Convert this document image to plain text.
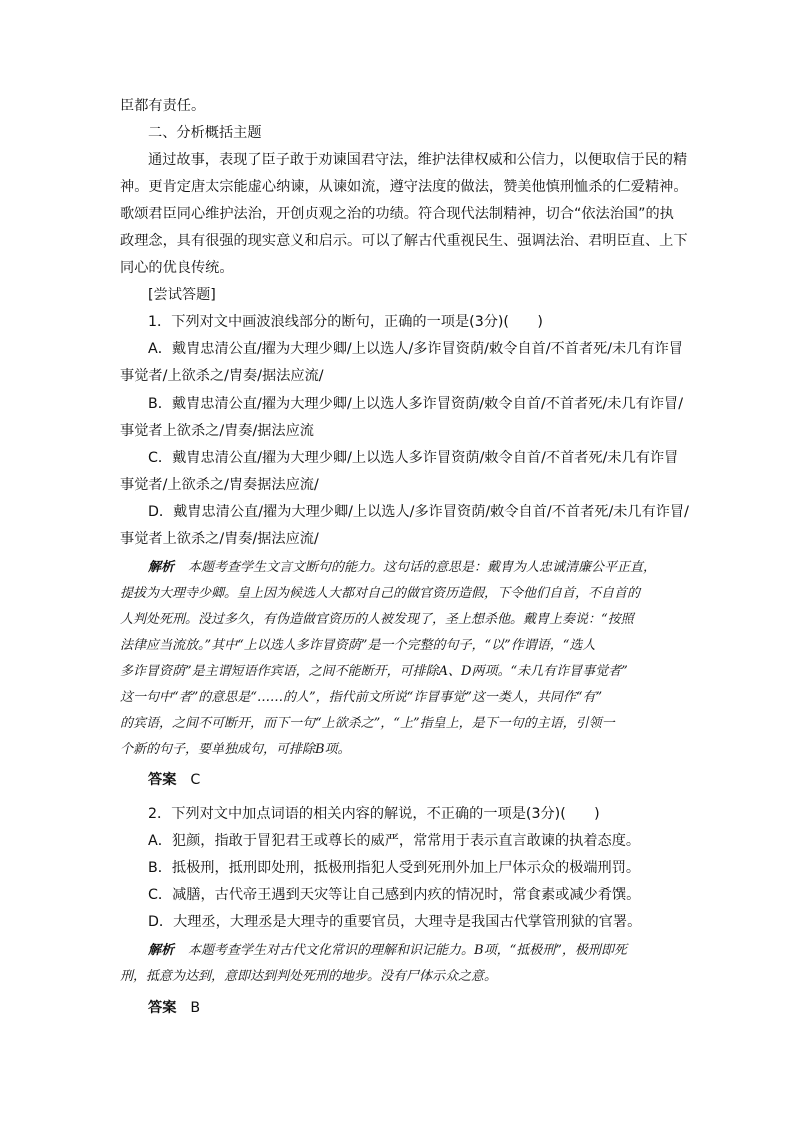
臣都有责任。
二、分析概括主题
通过故事，表现了臣子敢于劝谏国君守法，维护法律权威和公信力，以便取信于民的精
神。更肯定唐太宗能虚心纳谏，从谏如流，遵守法度的做法，赞美他慎刑恤杀的仁爱精神。
歌颂君臣同心维护法治，开创贞观之治的功绩。符合现代法制精神，切合“依法治国”的执
政理念，具有很强的现实意义和启示。可以了解古代重视民生、强调法治、君明臣直、上下
同心的优良传统。
[尝试答题]
1．下列对文中画波浪线部分的断句，正确的一项是(3分)(　　)
A．戴胄忠清公直/擢为大理少卿/上以选人/多诈冒资荫/敕令自首/不首者死/未几有诈冒
事觉者/上欲杀之/胄奏/据法应流/
B．戴胄忠清公直/擢为大理少卿/上以选人多诈冒资荫/敕令自首/不首者死/未几有诈冒/
事觉者上欲杀之/胄奏/据法应流
C．戴胄忠清公直/擢为大理少卿/上以选人多诈冒资荫/敕令自首/不首者死/未几有诈冒
事觉者/上欲杀之/胄奏据法应流/
D．戴胄忠清公直/擢为大理少卿/上以选人/多诈冒资荫/敕令自首/不首者死/未几有诈冒/
事觉者上欲杀之/胄奏/据法应流/
解析 本题考查学生文言文断句的能力。这句话的意思是：戴胄为人忠诚清廉公平正直，
提拔为大理寺少卿。皇上因为候选人大都对自己的做官资历造假，下令他们自首，不自首的
人判处死刑。没过多久，有伪造做官资历的人被发现了，圣上想杀他。戴胄上奏说：“按照
法律应当流放。”其中“上以选人多诈冒资荫”是一个完整的句子，“以”作谓语，“选人
多诈冒资荫”是主谓短语作宾语，之间不能断开，可排除A、D两项。“未几有诈冒事觉者”
这一句中“者”的意思是“……的人”，指代前文所说“诈冒事觉”这一类人，共同作“有”
的宾语，之间不可断开，而下一句“上欲杀之”，“上”指皇上，是下一句的主语，引领一
个新的句子，要单独成句，可排除B项。
答案 C
2．下列对文中加点词语的相关内容的解说，不正确的一项是(3分)(　　)
A．犯颜，指敢于冒犯君王或尊长的威严，常常用于表示直言敢谏的执着态度。
B．抵极刑，抵刑即处刑，抵极刑指犯人受到死刑外加上尸体示众的极端刑罚。
C．减膳，古代帝王遇到天灾等让自己感到内疚的情况时，常食素或减少肴馔。
D．大理丞，大理丞是大理寺的重要官员，大理寺是我国古代掌管刑狱的官署。
解析 本题考查学生对古代文化常识的理解和识记能力。B项，“抵极刑”，极刑即死
刑，抵意为达到，意即达到判处死刑的地步。没有尸体示众之意。
答案 B
